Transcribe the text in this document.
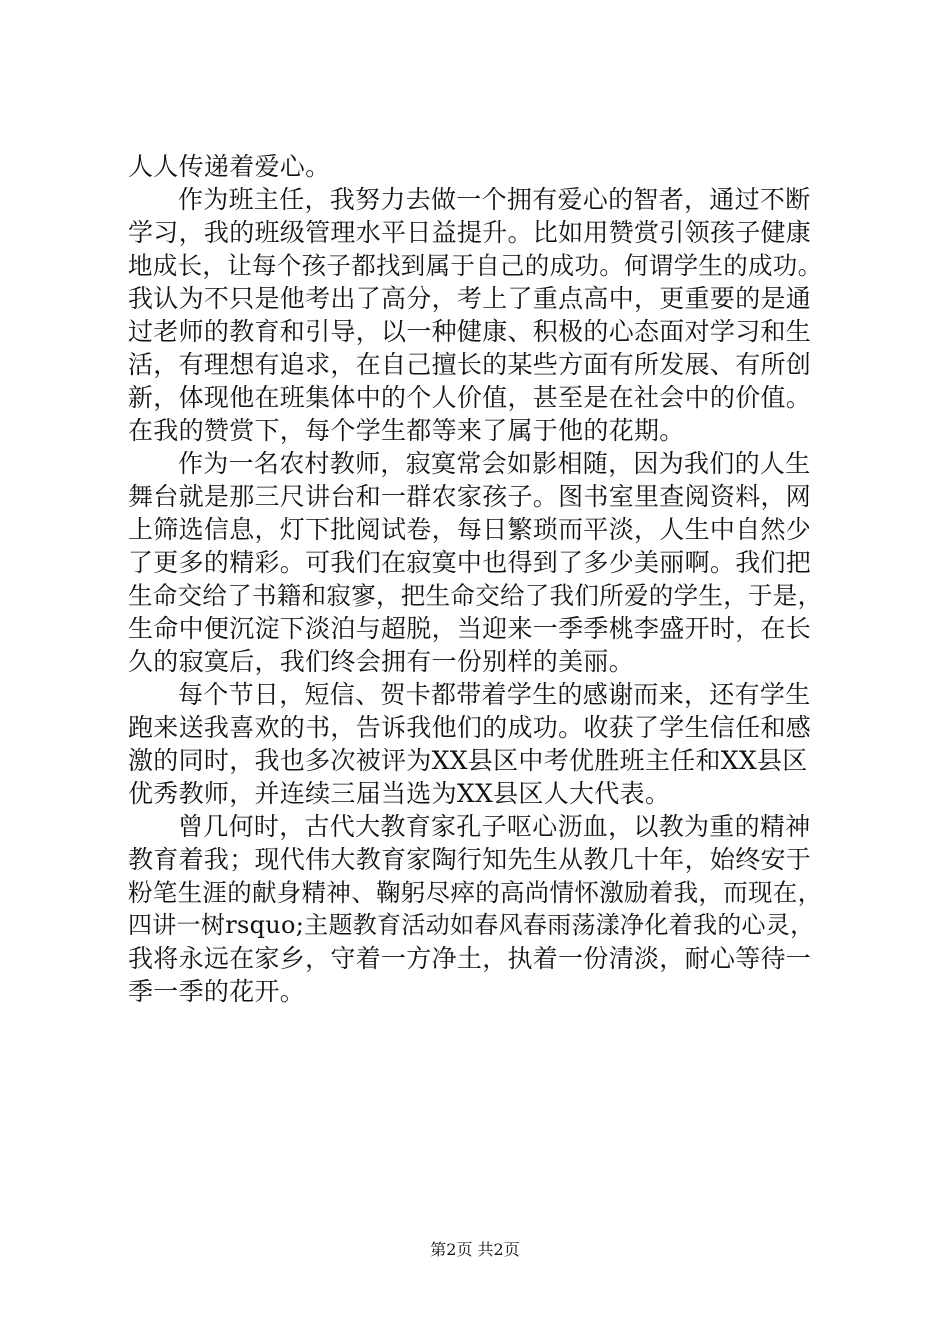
人人传递着爱心。
作为班主任，我努力去做一个拥有爱心的智者，通过不断
学习，我的班级管理水平日益提升。比如用赞赏引领孩子健康
地成长，让每个孩子都找到属于自己的成功。何谓学生的成功。
我认为不只是他考出了高分，考上了重点高中，更重要的是通
过老师的教育和引导，以一种健康、积极的心态面对学习和生
活，有理想有追求，在自己擅长的某些方面有所发展、有所创
新，体现他在班集体中的个人价值，甚至是在社会中的价值。
在我的赞赏下，每个学生都等来了属于他的花期。
作为一名农村教师，寂寞常会如影相随，因为我们的人生
舞台就是那三尺讲台和一群农家孩子。图书室里查阅资料，网
上筛选信息，灯下批阅试卷，每日繁琐而平淡，人生中自然少
了更多的精彩。可我们在寂寞中也得到了多少美丽啊。我们把
生命交给了书籍和寂寥，把生命交给了我们所爱的学生，于是，
生命中便沉淀下淡泊与超脱，当迎来一季季桃李盛开时，在长
久的寂寞后，我们终会拥有一份别样的美丽。
每个节日，短信、贺卡都带着学生的感谢而来，还有学生
跑来送我喜欢的书，告诉我他们的成功。收获了学生信任和感
激的同时，我也多次被评为XX县区中考优胜班主任和XX县区
优秀教师，并连续三届当选为XX县区人大代表。
曾几何时，古代大教育家孔子呕心沥血，以教为重的精神
教育着我；现代伟大教育家陶行知先生从教几十年，始终安于
粉笔生涯的献身精神、鞠躬尽瘁的高尚情怀激励着我，而现在，
四讲一树rsquo;主题教育活动如春风春雨荡漾净化着我的心灵，
我将永远在家乡，守着一方净土，执着一份清淡，耐心等待一
季一季的花开。
第2页 共2页
